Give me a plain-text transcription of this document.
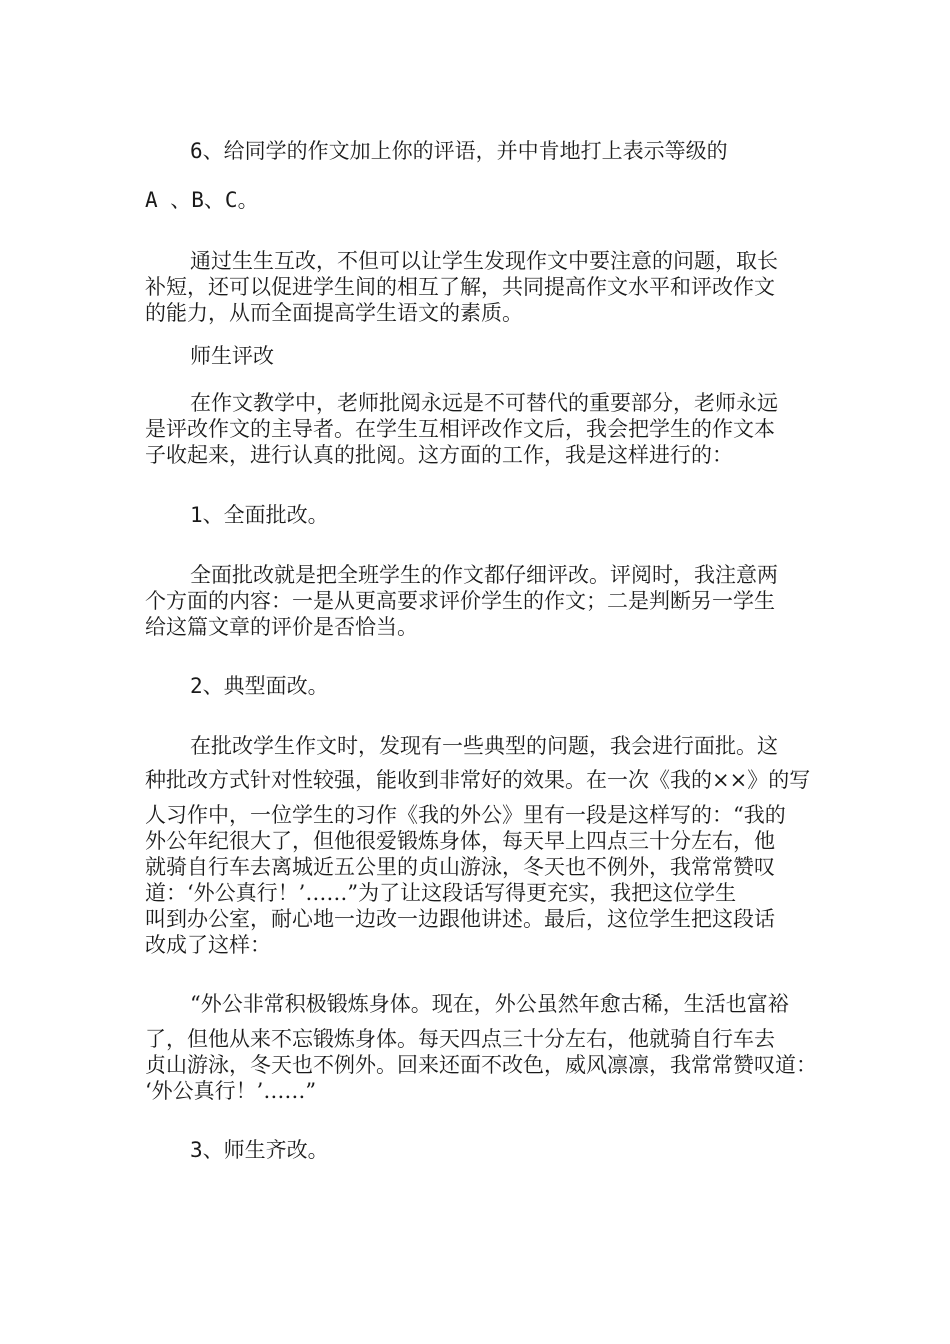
6、给同学的作文加上你的评语，并中肯地打上表示等级的
A 、B、C。
通过生生互改，不但可以让学生发现作文中要注意的问题，取长
补短，还可以促进学生间的相互了解，共同提高作文水平和评改作文
的能力，从而全面提高学生语文的素质。
师生评改
在作文教学中，老师批阅永远是不可替代的重要部分，老师永远
是评改作文的主导者。在学生互相评改作文后，我会把学生的作文本
子收起来，进行认真的批阅。这方面的工作，我是这样进行的：
1、全面批改。
全面批改就是把全班学生的作文都仔细评改。评阅时，我注意两
个方面的内容：一是从更高要求评价学生的作文；二是判断另一学生
给这篇文章的评价是否恰当。
2、典型面改。
在批改学生作文时，发现有一些典型的问题，我会进行面批。这
种批改方式针对性较强，能收到非常好的效果。在一次《我的××》的写
人习作中，一位学生的习作《我的外公》里有一段是这样写的：“我的
外公年纪很大了，但他很爱锻炼身体，每天早上四点三十分左右，他
就骑自行车去离城近五公里的贞山游泳，冬天也不例外，我常常赞叹
道：‘外公真行！’……”为了让这段话写得更充实，我把这位学生
叫到办公室，耐心地一边改一边跟他讲述。最后，这位学生把这段话
改成了这样：
“外公非常积极锻炼身体。现在，外公虽然年愈古稀，生活也富裕
了，但他从来不忘锻炼身体。每天四点三十分左右，他就骑自行车去
贞山游泳，冬天也不例外。回来还面不改色，威风凛凛，我常常赞叹道：
‘外公真行！’……”
3、师生齐改。
